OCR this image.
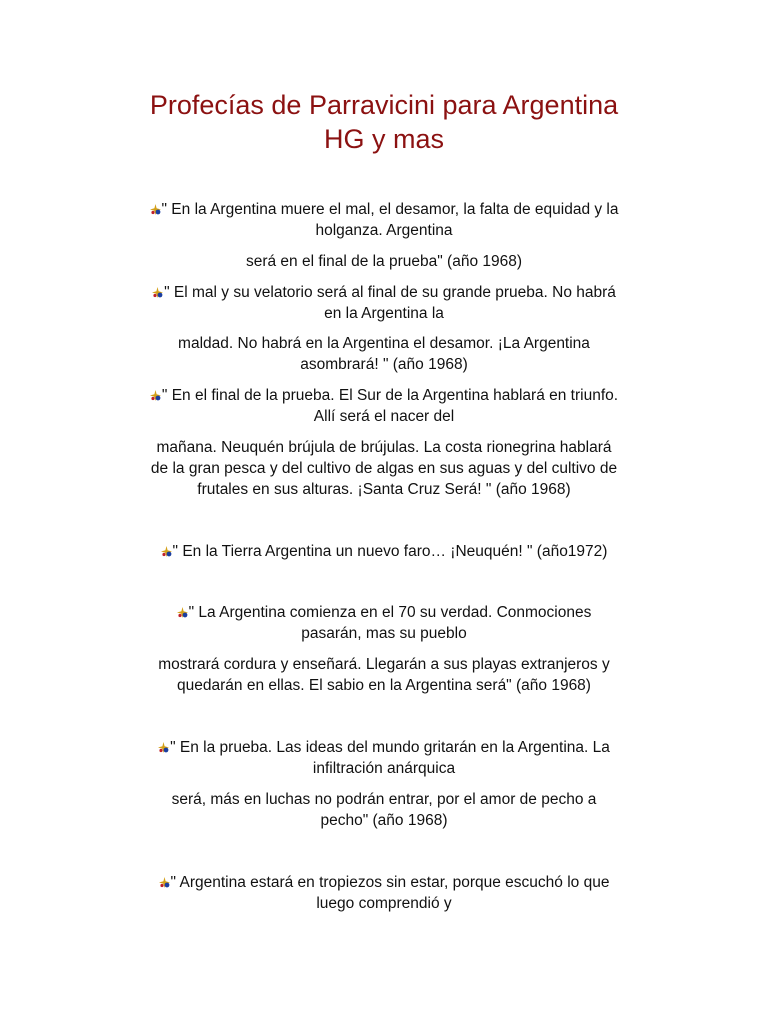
Profecías de Parravicini para Argentina
HG y mas

" En la Argentina muere el mal, el desamor, la falta de equidad y la
holganza. Argentina

será en el final de la prueba" (año 1968)

" El mal y su velatorio será al final de su grande prueba. No habrá
en la Argentina la

maldad. No habrá en la Argentina el desamor. ¡La Argentina
asombrará! " (año 1968)

" En el final de la prueba. El Sur de la Argentina hablará en triunfo.
Allí será el nacer del

mañana. Neuquén brújula de brújulas. La costa rionegrina hablará
de la gran pesca y del cultivo de algas en sus aguas y del cultivo de
frutales en sus alturas. ¡Santa Cruz Será! " (año 1968)

" En la Tierra Argentina un nuevo faro… ¡Neuquén! " (año1972)

" La Argentina comienza en el 70 su verdad. Conmociones
pasarán, mas su pueblo

mostrará cordura y enseñará. Llegarán a sus playas extranjeros y
quedarán en ellas. El sabio en la Argentina será" (año 1968)

" En la prueba. Las ideas del mundo gritarán en la Argentina. La
infiltración anárquica

será, más en luchas no podrán entrar, por el amor de pecho a
pecho" (año 1968)

" Argentina estará en tropiezos sin estar, porque escuchó lo que
luego comprendió y
